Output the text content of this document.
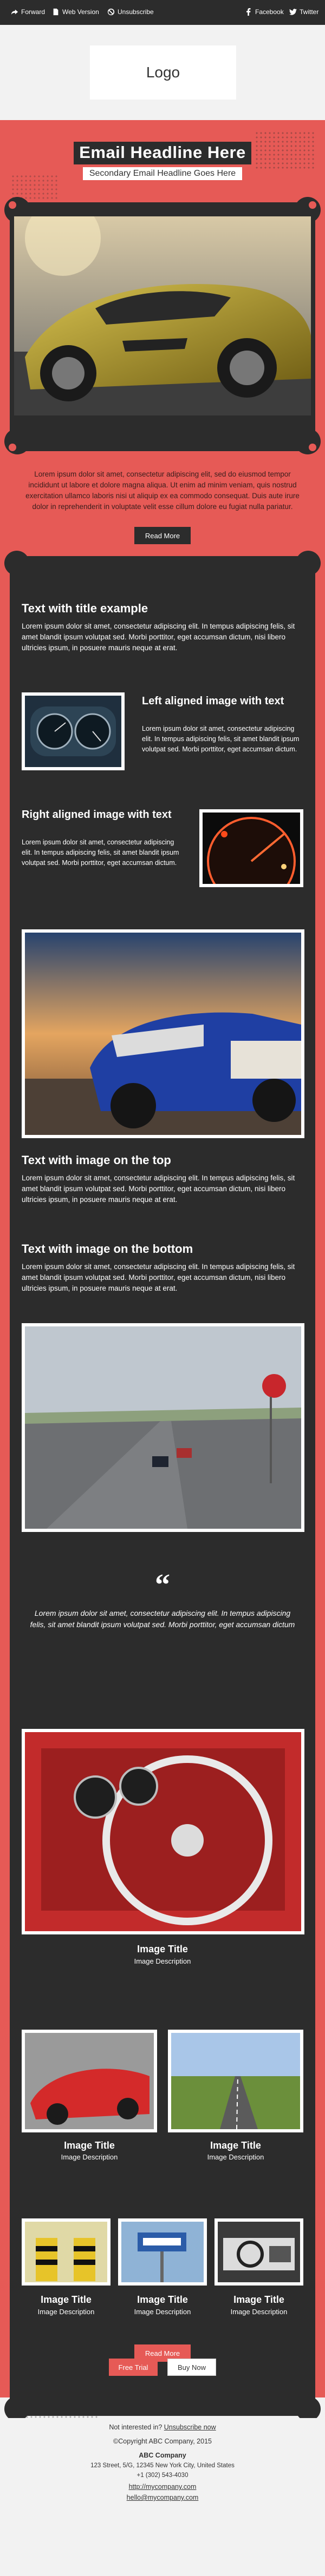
Forward	Web Version	Unsubscribe	Facebook Twitter
Logo
Email Headline Here
Secondary Email Headline Goes Here
Lorem ipsum dolor sit amet, consectetur adipiscing elit, sed do eiusmod tempor incididunt ut labore et dolore magna aliqua. Ut enim ad minim veniam, quis nostrud exercitation ullamco laboris nisi ut aliquip ex ea commodo consequat. Duis aute irure dolor in reprehenderit in voluptate velit esse cillum dolore eu fugiat nulla pariatur.
Read More
Text with title example
Lorem ipsum dolor sit amet, consectetur adipiscing elit. In tempus adipiscing felis, sit amet blandit ipsum volutpat sed. Morbi porttitor, eget accumsan dictum, nisi libero ultricies ipsum, in posuere mauris neque at erat.
Left aligned image with text
Lorem ipsum dolor sit amet, consectetur adipiscing elit. In tempus adipiscing felis, sit amet blandit ipsum volutpat sed. Morbi porttitor, eget accumsan dictum.
Right aligned image with text
Lorem ipsum dolor sit amet, consectetur adipiscing elit. In tempus adipiscing felis, sit amet blandit ipsum volutpat sed. Morbi porttitor, eget accumsan dictum.
Text with image on the top
Lorem ipsum dolor sit amet, consectetur adipiscing elit. In tempus adipiscing felis, sit amet blandit ipsum volutpat sed. Morbi porttitor, eget accumsan dictum, nisi libero ultricies ipsum, in posuere mauris neque at erat.
Text with image on the bottom
Lorem ipsum dolor sit amet, consectetur adipiscing elit. In tempus adipiscing felis, sit amet blandit ipsum volutpat sed. Morbi porttitor, eget accumsan dictum, nisi libero ultricies ipsum, in posuere mauris neque at erat.
“
Lorem ipsum dolor sit amet, consectetur adipiscing elit. In tempus adipiscing felis, sit amet blandit ipsum volutpat sed. Morbi porttitor, eget accumsan dictum
Image Title
Image Description
Image Title
Image Description
Image Title
Image Description
Image Title
Image Description
Image Title
Image Description
Image Title
Image Description
Read More
Free Trial	Buy Now
Not interested in? Unsubscribe now
©Copyright ABC Company, 2015
ABC Company
123 Street, 5/G, 12345 New York City, United States
+1 (302) 543-4030
http://mycompany.com
hello@mycompany.com
